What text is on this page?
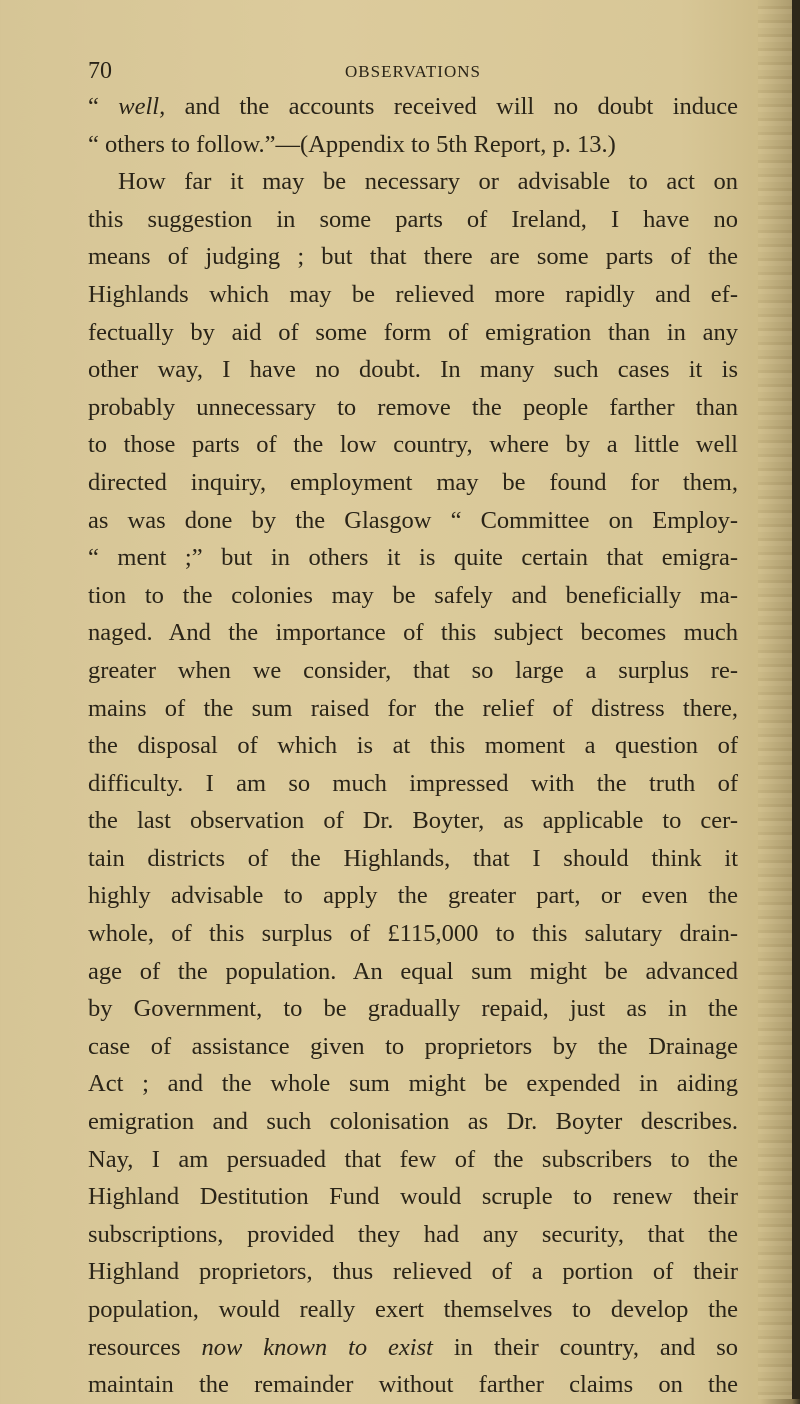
70	OBSERVATIONS
“ well, and the accounts received will no doubt induce
“ others to follow.”—(Appendix to 5th Report, p. 13.)
How far it may be necessary or advisable to act on
this suggestion in some parts of Ireland, I have no
means of judging ; but that there are some parts of the
Highlands which may be relieved more rapidly and ef-
fectually by aid of some form of emigration than in any
other way, I have no doubt. In many such cases it is
probably unnecessary to remove the people farther than
to those parts of the low country, where by a little well
directed inquiry, employment may be found for them,
as was done by the Glasgow “ Committee on Employ-
“ ment ;” but in others it is quite certain that emigra-
tion to the colonies may be safely and beneficially ma-
naged. And the importance of this subject becomes much
greater when we consider, that so large a surplus re-
mains of the sum raised for the relief of distress there,
the disposal of which is at this moment a question of
difficulty. I am so much impressed with the truth of
the last observation of Dr. Boyter, as applicable to cer-
tain districts of the Highlands, that I should think it
highly advisable to apply the greater part, or even the
whole, of this surplus of £115,000 to this salutary drain-
age of the population. An equal sum might be advanced
by Government, to be gradually repaid, just as in the
case of assistance given to proprietors by the Drainage
Act ; and the whole sum might be expended in aiding
emigration and such colonisation as Dr. Boyter describes.
Nay, I am persuaded that few of the subscribers to the
Highland Destitution Fund would scruple to renew their
subscriptions, provided they had any security, that the
Highland proprietors, thus relieved of a portion of their
population, would really exert themselves to develop the
resources now known to exist in their country, and so
maintain the remainder without farther claims on the
